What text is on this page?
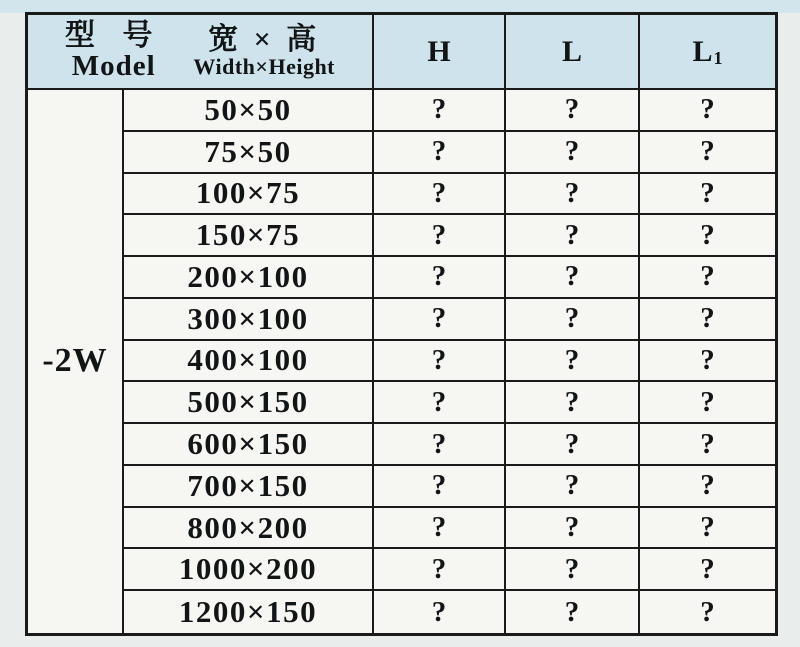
型 号
Model
宽 × 高
Width×Height	H	L	L 1
-2W
50×50	?	?	?
75×50	?	?	?
100×75	?	?	?
150×75	?	?	?
200×100	?	?	?
300×100	?	?	?
400×100	?	?	?
500×150	?	?	?
600×150	?	?	?
700×150	?	?	?
800×200	?	?	?
1000×200	?	?	?
1200×150	?	?	?
